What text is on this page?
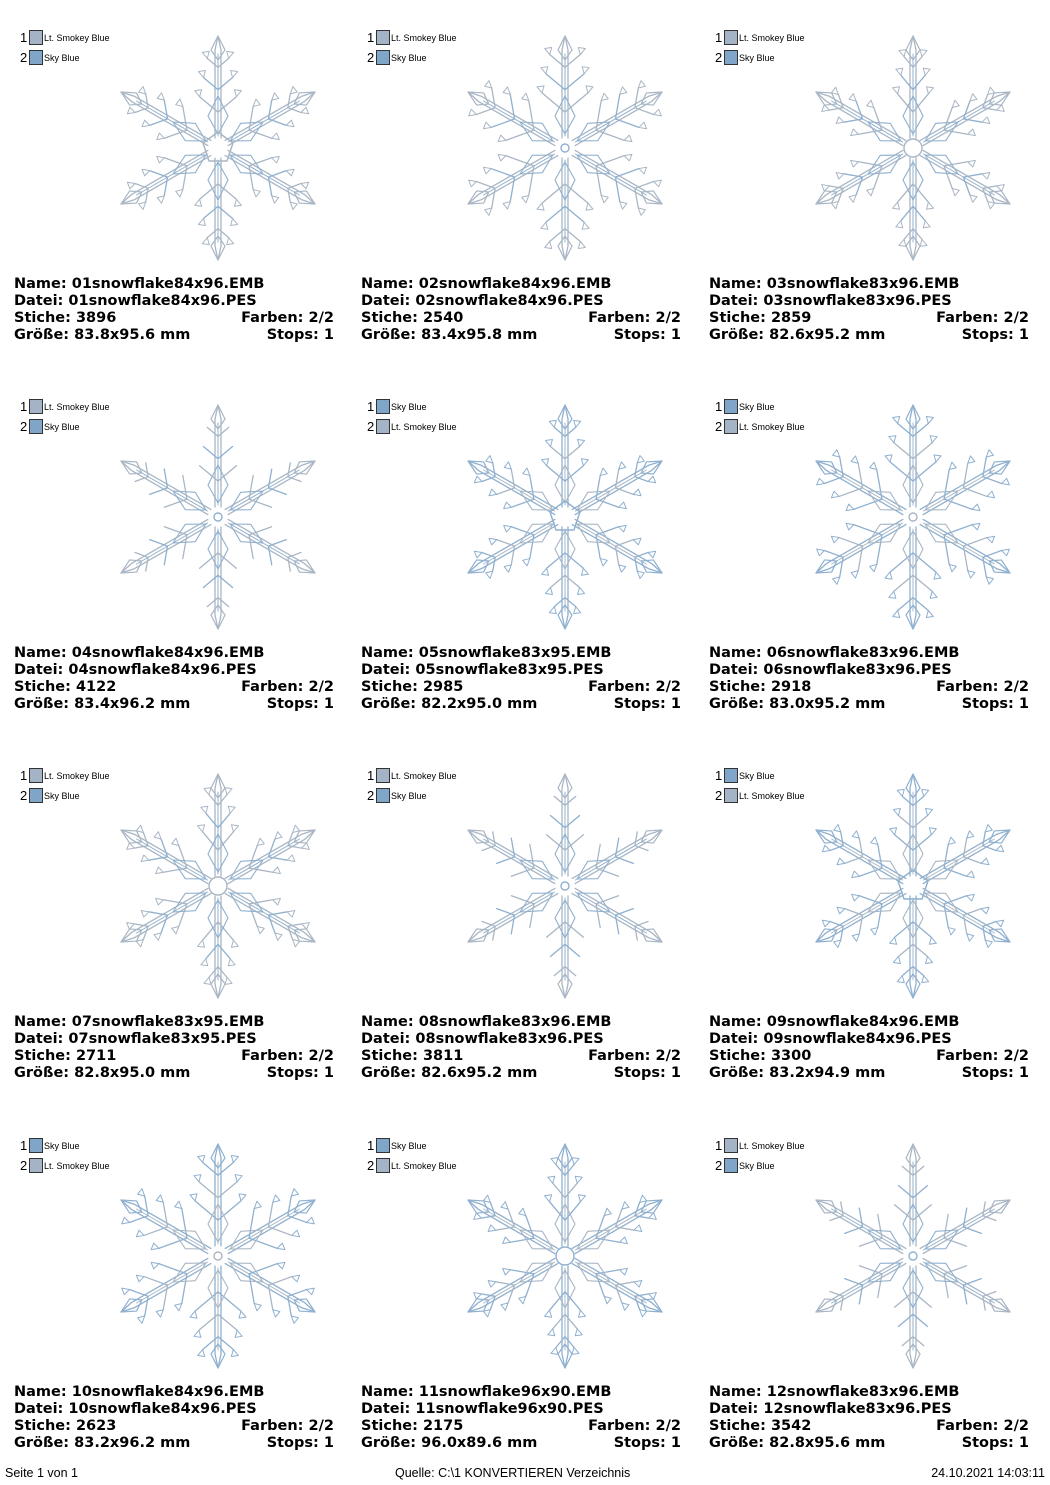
1 Lt. Smokey Blue
2 Sky Blue
Name: 01snowflake84x96.EMB
Datei: 01snowflake84x96.PES
Stiche: 3896	Farben: 2/2
Größe: 83.8x95.6 mm	Stops: 1
1 Lt. Smokey Blue
2 Sky Blue
Name: 02snowflake84x96.EMB
Datei: 02snowflake84x96.PES
Stiche: 2540	Farben: 2/2
Größe: 83.4x95.8 mm	Stops: 1
1 Lt. Smokey Blue
2 Sky Blue
Name: 03snowflake83x96.EMB
Datei: 03snowflake83x96.PES
Stiche: 2859	Farben: 2/2
Größe: 82.6x95.2 mm	Stops: 1
1 Lt. Smokey Blue
2 Sky Blue
Name: 04snowflake84x96.EMB
Datei: 04snowflake84x96.PES
Stiche: 4122	Farben: 2/2
Größe: 83.4x96.2 mm	Stops: 1
1 Sky Blue
2 Lt. Smokey Blue
Name: 05snowflake83x95.EMB
Datei: 05snowflake83x95.PES
Stiche: 2985	Farben: 2/2
Größe: 82.2x95.0 mm	Stops: 1
1 Sky Blue
2 Lt. Smokey Blue
Name: 06snowflake83x96.EMB
Datei: 06snowflake83x96.PES
Stiche: 2918	Farben: 2/2
Größe: 83.0x95.2 mm	Stops: 1
1 Lt. Smokey Blue
2 Sky Blue
Name: 07snowflake83x95.EMB
Datei: 07snowflake83x95.PES
Stiche: 2711	Farben: 2/2
Größe: 82.8x95.0 mm	Stops: 1
1 Lt. Smokey Blue
2 Sky Blue
Name: 08snowflake83x96.EMB
Datei: 08snowflake83x96.PES
Stiche: 3811	Farben: 2/2
Größe: 82.6x95.2 mm	Stops: 1
1 Sky Blue
2 Lt. Smokey Blue
Name: 09snowflake84x96.EMB
Datei: 09snowflake84x96.PES
Stiche: 3300	Farben: 2/2
Größe: 83.2x94.9 mm	Stops: 1
1 Sky Blue
2 Lt. Smokey Blue
Name: 10snowflake84x96.EMB
Datei: 10snowflake84x96.PES
Stiche: 2623	Farben: 2/2
Größe: 83.2x96.2 mm	Stops: 1
1 Sky Blue
2 Lt. Smokey Blue
Name: 11snowflake96x90.EMB
Datei: 11snowflake96x90.PES
Stiche: 2175	Farben: 2/2
Größe: 96.0x89.6 mm	Stops: 1
1 Lt. Smokey Blue
2 Sky Blue
Name: 12snowflake83x96.EMB
Datei: 12snowflake83x96.PES
Stiche: 3542	Farben: 2/2
Größe: 82.8x95.6 mm	Stops: 1
Seite 1 von 1	Quelle: C:\1 KONVERTIEREN Verzeichnis	24.10.2021 14:03:11
